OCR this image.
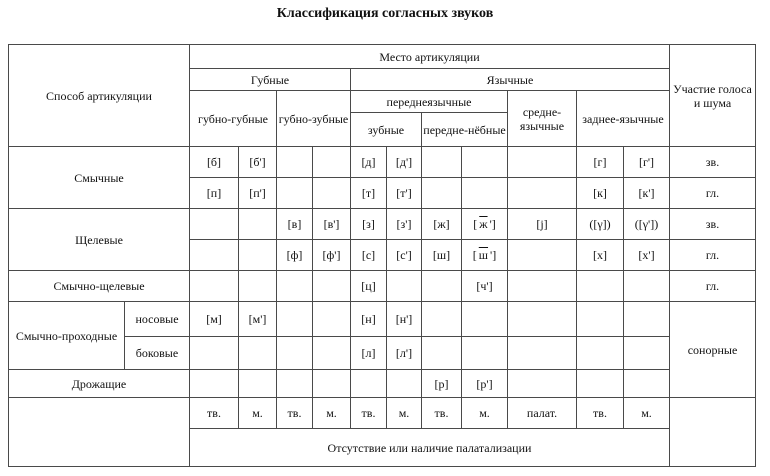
Классификация согласных звуков
Способ артикуляции		Место артикуляции											Участие голоса и шума
		Губные				Язычные							
		губно-губные		губно-зубные		переднеязычные				средне-язычные	заднее-язычные		
						зубные		передне-нёбные					
Смычные		[б]	[б']			[д]	[д']				[г]	[г']	зв.
		[п]	[п']			[т]	[т']				[к]	[к']	гл.
Щелевые				[в]	[в']	[з]	[з']	[ж]	[ ж ']	[j]	([γ])	([γ'])	зв.
				[ф]	[ф']	[с]	[с']	[ш]	[ ш ']		[х]	[х']	гл.
Смычно-щелевые						[ц]			[ч']				гл.
Смычно-проходные	носовые	[м]	[м']			[н]	[н']						сонорные
	боковые					[л]	[л']						
Дрожащие								[р]	[р']				
		тв.	м.	тв.	м.	тв.	м.	тв.	м.	палат.	тв.	м.	
		Отсутствие или наличие палатализации											
